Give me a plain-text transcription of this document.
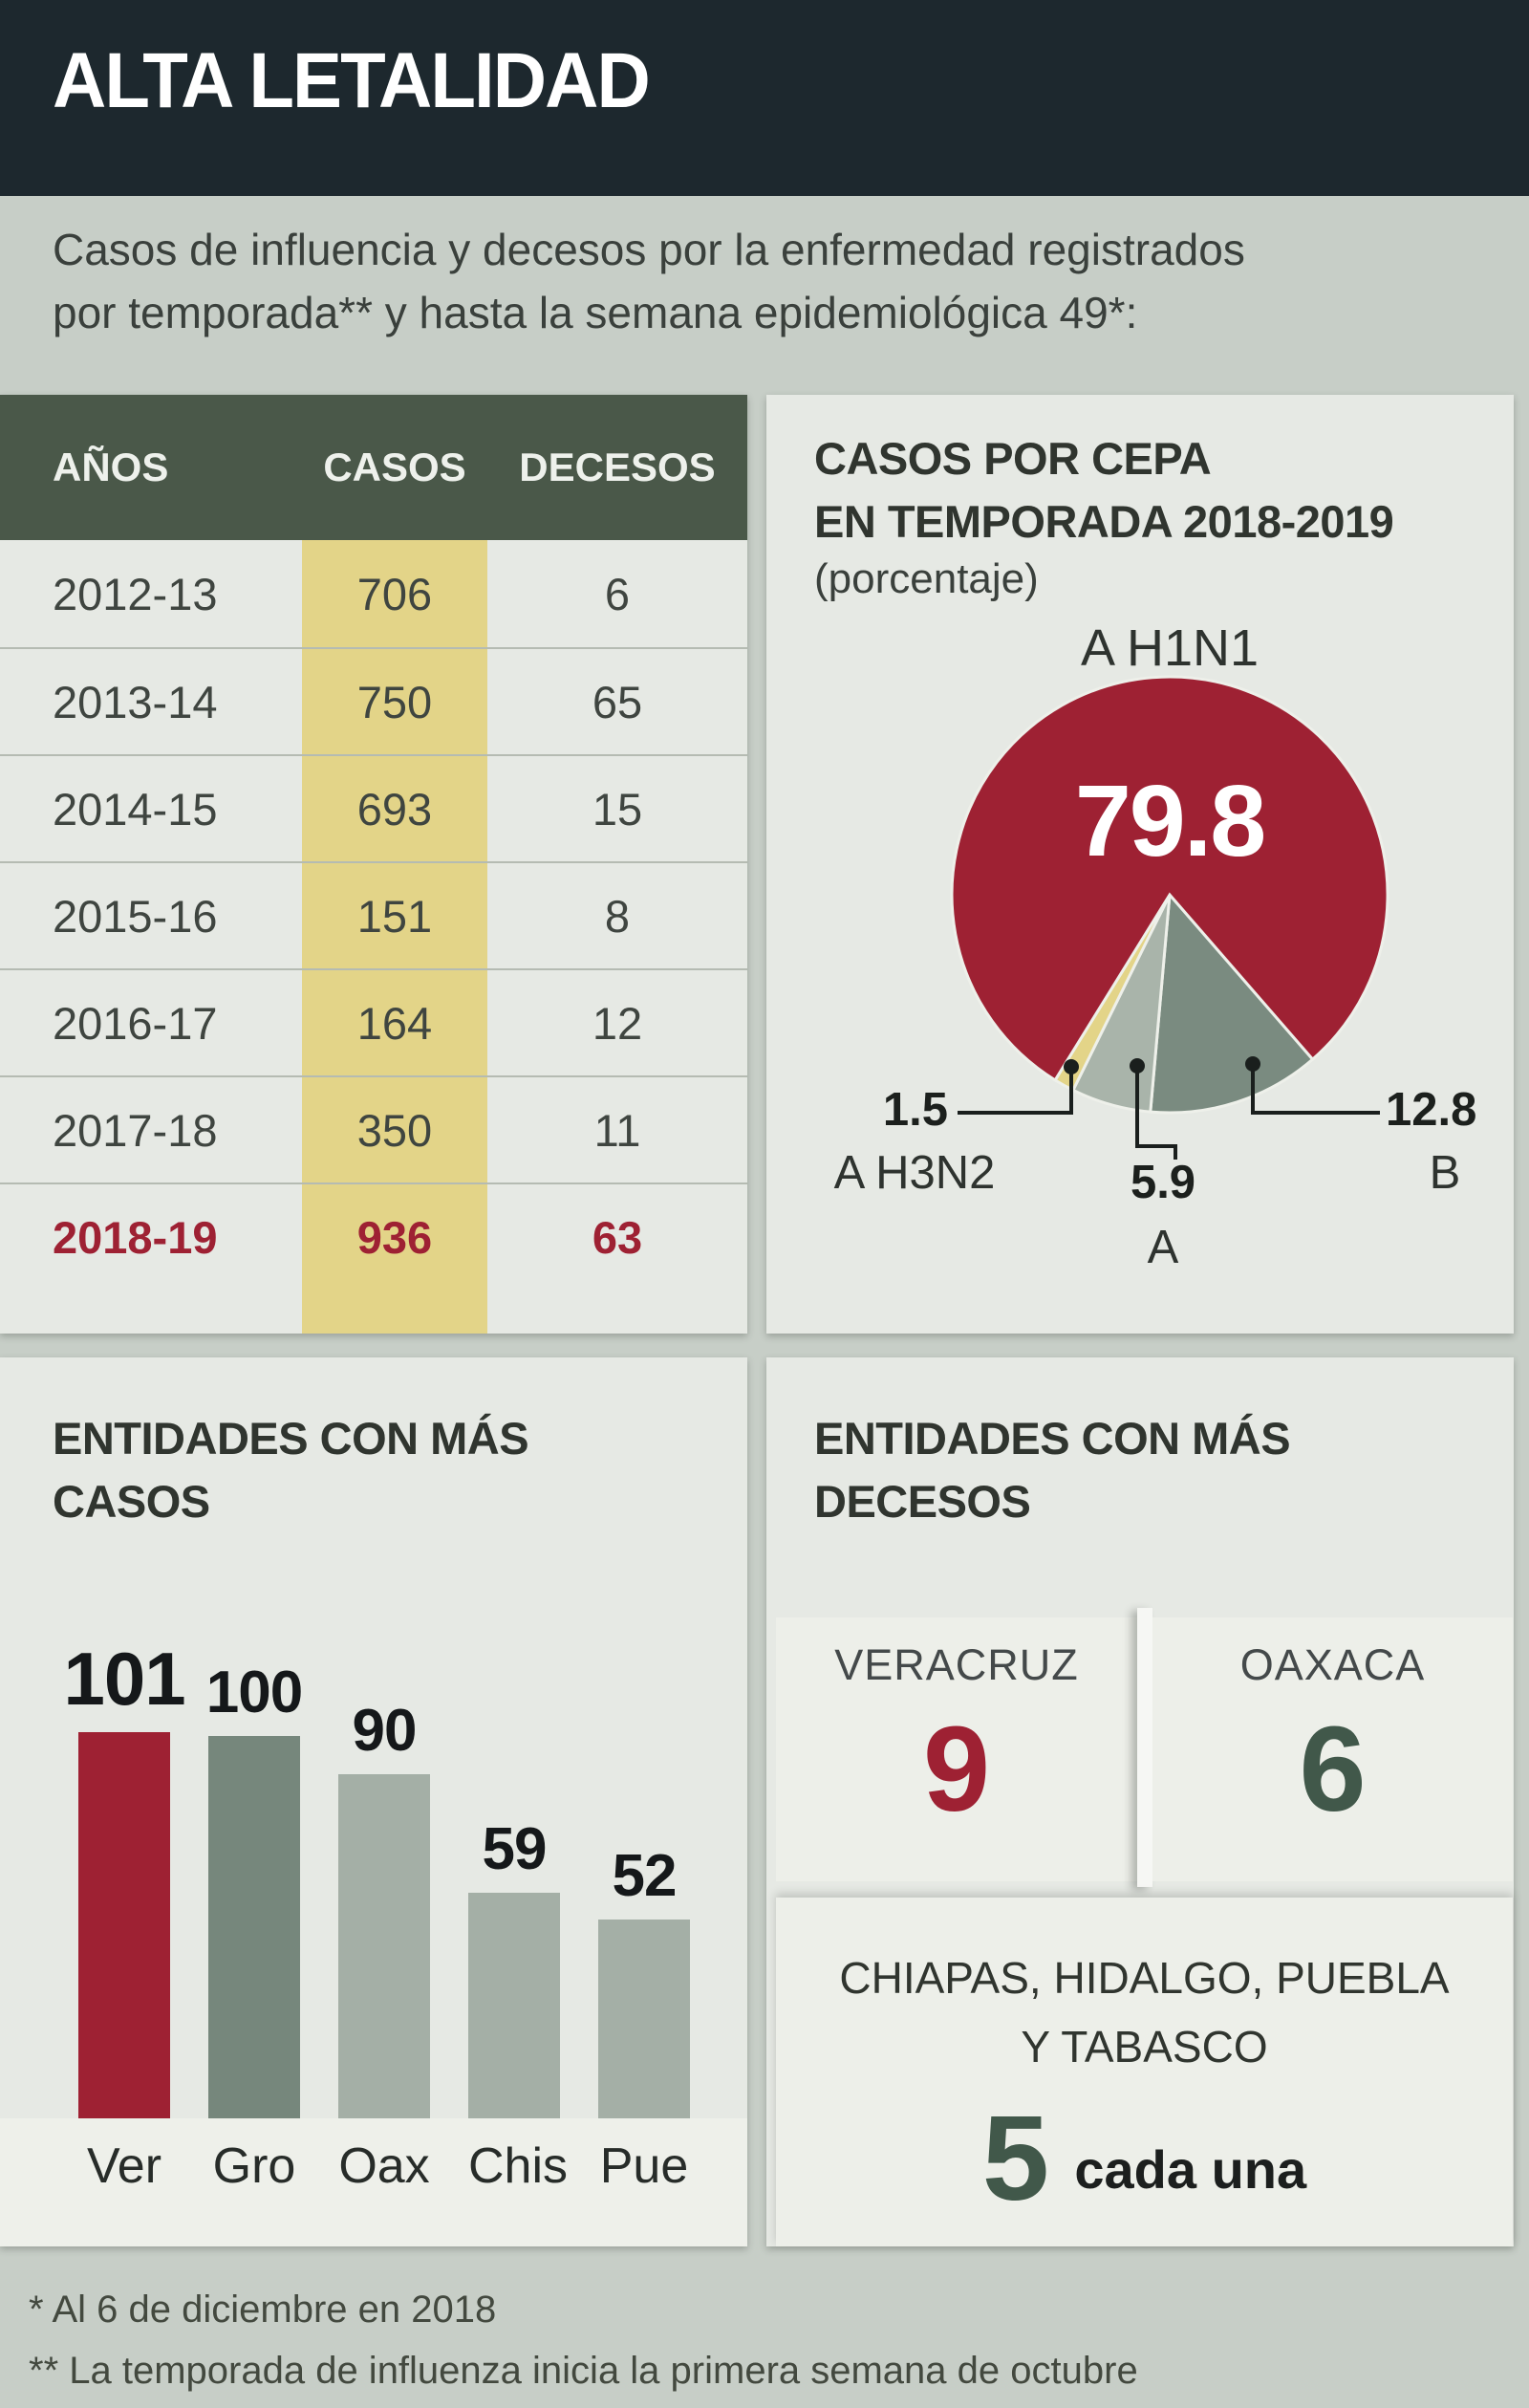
ALTA LETALIDAD
Casos de influencia y decesos por la enfermedad registrados
por temporada** y hasta la semana epidemiológica 49*:
AÑOS	CASOS	DECESOS
2012-13	706	6
2013-14	750	65
2014-15	693	15
2015-16	151	8
2016-17	164	12
2017-18	350	11
2018-19	936	63
CASOS POR CEPA
EN TEMPORADA 2018-2019
(porcentaje)
A H1N1
79.8
1.5
A H3N2	5.9
A
12.8
B
ENTIDADES CON MÁS
CASOS
101 100
90
59 52
Ver Gro Oax Chis Pue
ENTIDADES CON MÁS
DECESOS
VERACRUZ
9
OAXACA
6
CHIAPAS, HIDALGO, PUEBLA
Y TABASCO
5 cada una
* Al 6 de diciembre en 2018
** La temporada de influenza inicia la primera semana de octubre
